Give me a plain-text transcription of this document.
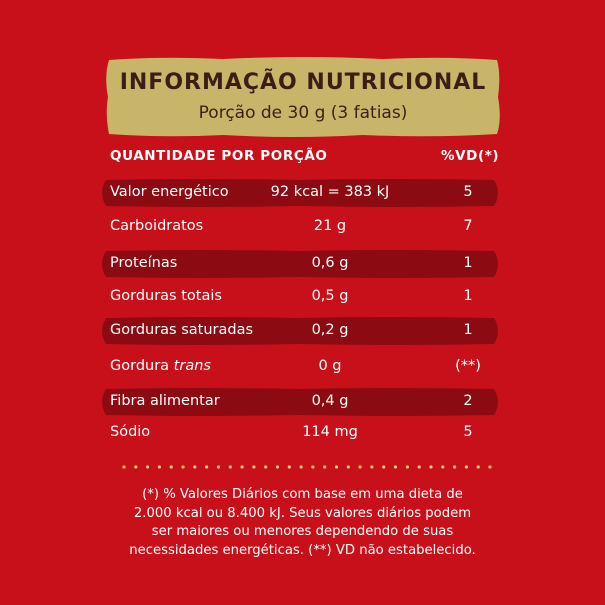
INFORMAÇÃO NUTRICIONAL
Porção de 30 g (3 fatias)
QUANTIDADE POR PORÇÃO	%VD(*)
Valor energético	92 kcal = 383 kJ	5
Carboidratos	21 g	7
Proteínas	0,6 g	1
Gorduras totais	0,5 g	1
Gorduras saturadas	0,2 g	1
Gordura trans	0 g	(**)
Fibra alimentar	0,4 g	2
Sódio	114 mg	5
(*) % Valores Diários com base em uma dieta de
2.000 kcal ou 8.400 kJ. Seus valores diários podem
ser maiores ou menores dependendo de suas
necessidades energéticas. (**) VD não estabelecido.
